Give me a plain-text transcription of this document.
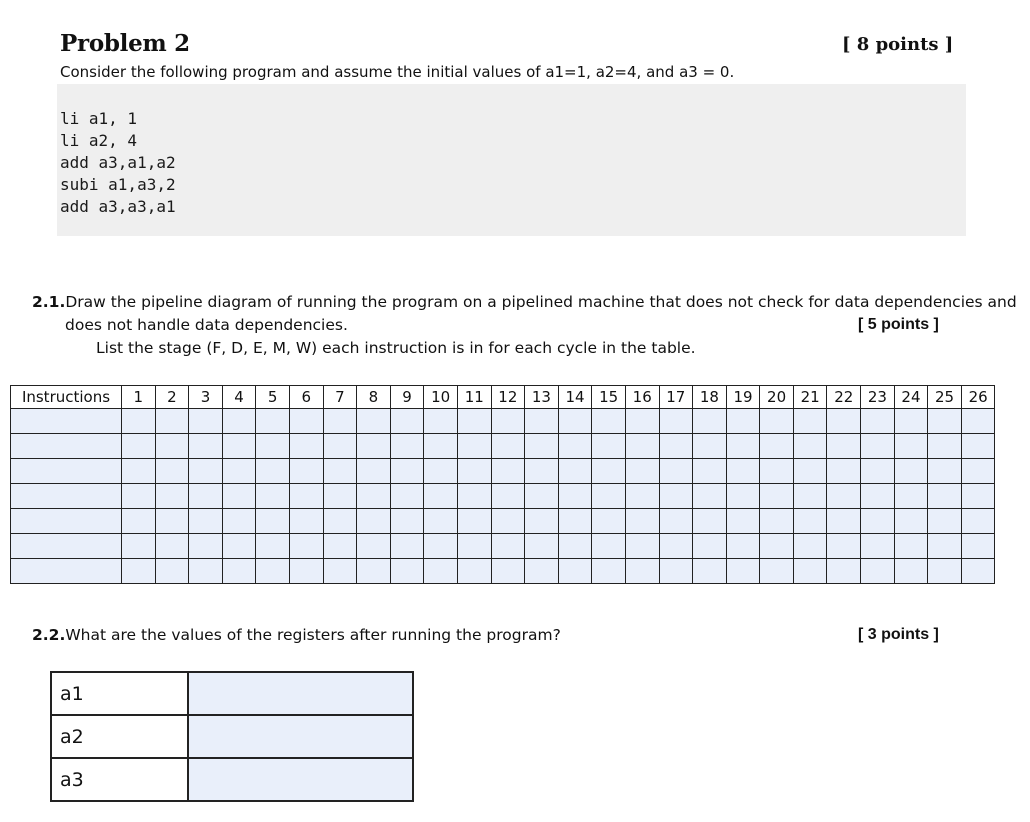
Problem 2	[ 8 points ]
Consider the following program and assume the initial values of a1=1, a2=4, and a3 = 0.
li a1, 1
li a2, 4
add a3,a1,a2
subi a1,a3,2
add a3,a3,a1
2.1.Draw the pipeline diagram of running the program on a pipelined machine that does not check for data dependencies and
does not handle data dependencies.	[ 5 points ]
List the stage (F, D, E, M, W) each instruction is in for each cycle in the table.
Instructions	1	2	3	4	5	6	7	8	9	10	11	12	13	14	15	16	17	18	19	20	21	22	23	24	25	26

2.2.What are the values of the registers after running the program?	[ 3 points ]
a1	
a2	
a3	
